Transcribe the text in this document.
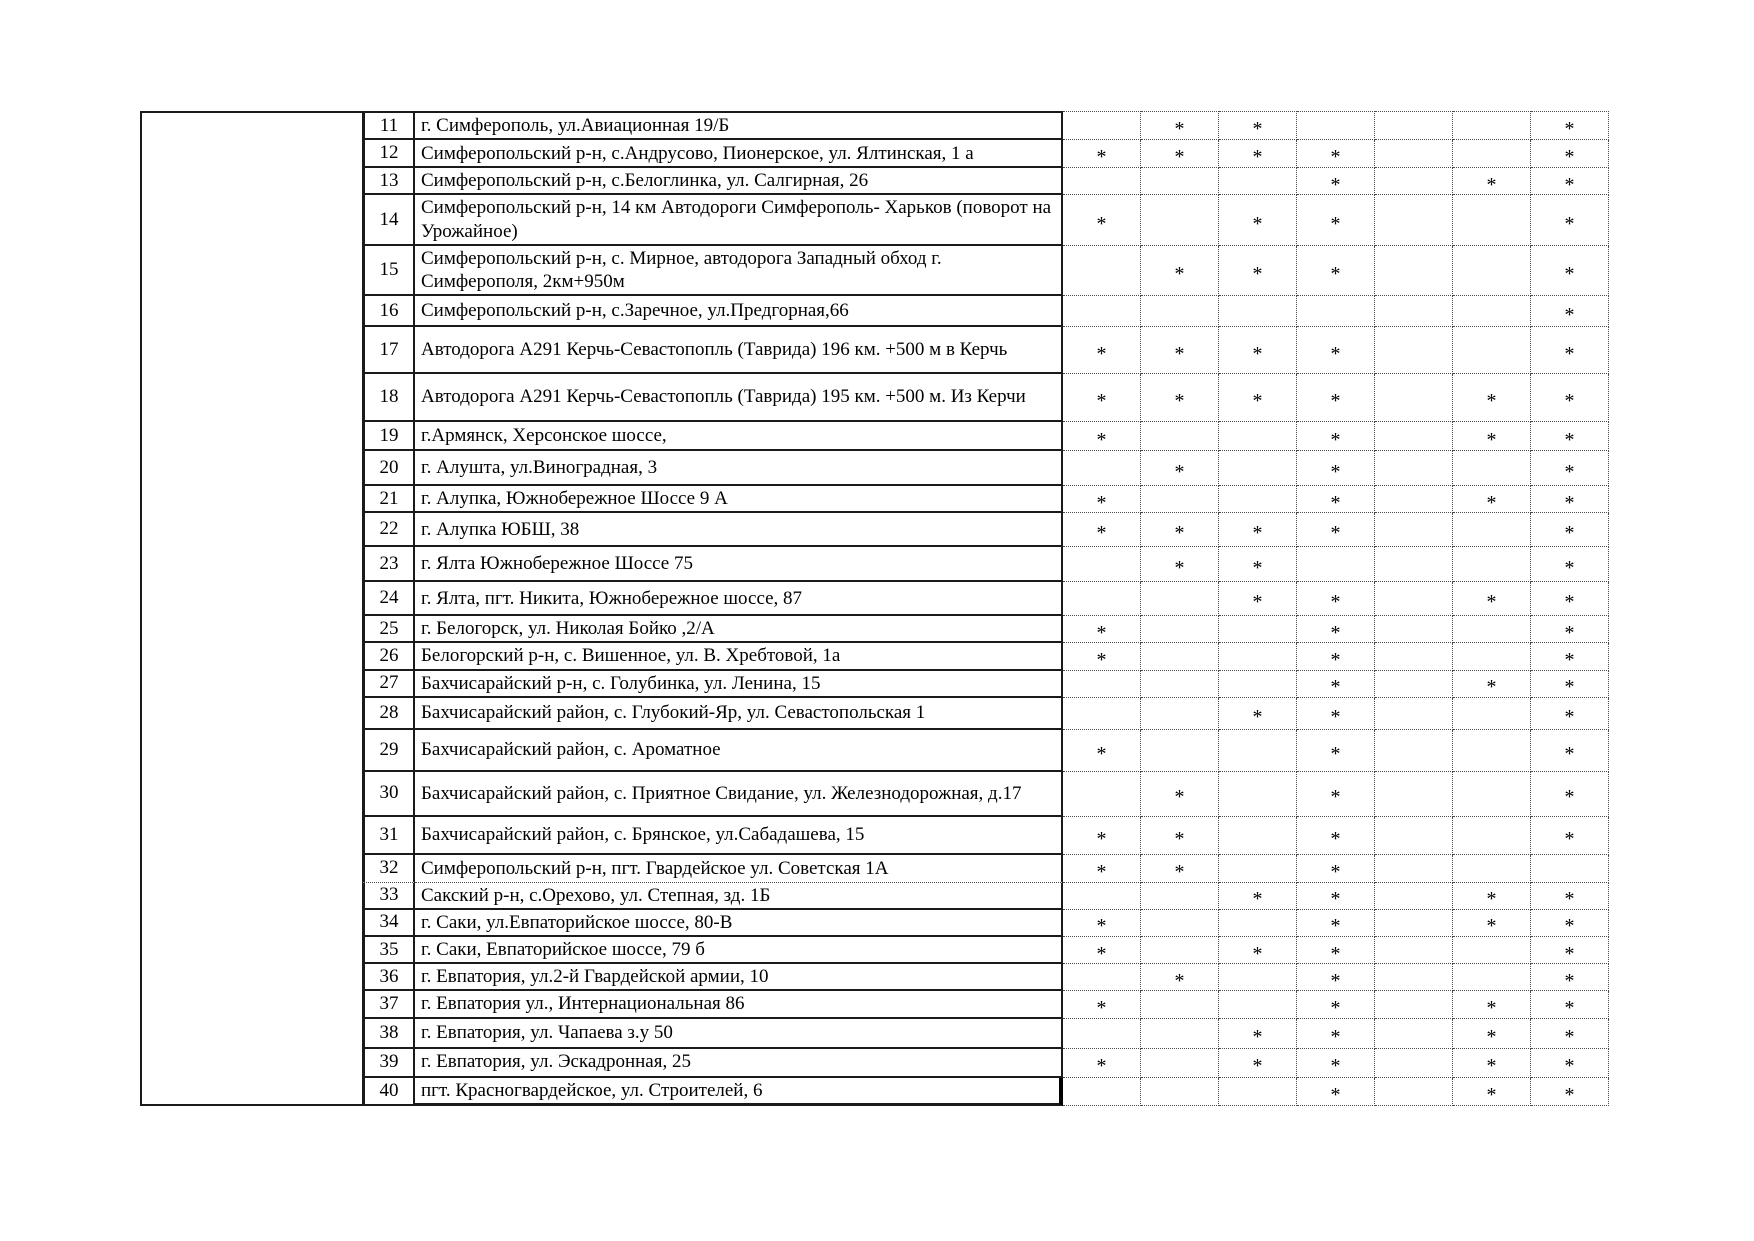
	11	г. Симферополь, ул.Авиационная 19/Б		*	*				*
	12	Симферопольский р-н, с.Андрусово, Пионерское, ул. Ялтинская, 1 а	*	*	*	*			*
	13	Симферопольский р-н, с.Белоглинка, ул. Салгирная, 26				*		*	*
	14	Симферопольский р-н, 14 км Автодороги Симферополь- Харьков (поворот на Урожайное)	*		*	*			*
	15	Симферопольский р-н, с. Мирное, автодорога Западный обход г. Симферополя, 2км+950м		*	*	*			*
	16	Симферопольский р-н, с.Заречное, ул.Предгорная,66							*
	17	Автодорога А291 Керчь-Севастопопль (Таврида) 196 км. +500 м в Керчь	*	*	*	*			*
	18	Автодорога А291 Керчь-Севастопопль (Таврида) 195 км. +500 м. Из Керчи	*	*	*	*		*	*
	19	г.Армянск, Херсонское шоссе,	*			*		*	*
	20	г. Алушта, ул.Виноградная, 3		*		*			*
	21	г. Алупка, Южнобережное Шоссе 9 А	*			*		*	*
	22	г. Алупка ЮБШ, 38	*	*	*	*			*
	23	г. Ялта Южнобережное Шоссе 75		*	*				*
	24	г. Ялта, пгт. Никита, Южнобережное шоссе, 87			*	*		*	*
	25	г. Белогорск, ул. Николая Бойко ,2/А	*			*			*
	26	Белогорский р-н, с. Вишенное, ул. В. Хребтовой, 1а	*			*			*
	27	Бахчисарайский р-н, с. Голубинка, ул. Ленина, 15				*		*	*
	28	Бахчисарайский район, с. Глубокий-Яр, ул. Севастопольская 1			*	*			*
	29	Бахчисарайский район, с. Ароматное	*			*			*
	30	Бахчисарайский район, с. Приятное Свидание, ул. Железнодорожная, д.17		*		*			*
	31	Бахчисарайский район, с. Брянское, ул.Сабадашева, 15	*	*		*			*
	32	Симферопольский р-н, пгт. Гвардейское ул. Советская 1А	*	*		*			
	33	Сакский р-н, с.Орехово, ул. Степная, зд. 1Б			*	*		*	*
	34	г. Саки, ул.Евпаторийское шоссе, 80-В	*			*		*	*
	35	г. Саки, Евпаторийское шоссе, 79 б	*		*	*			*
	36	г. Евпатория, ул.2-й Гвардейской армии, 10		*		*			*
	37	г. Евпатория ул., Интернациональная 86	*			*		*	*
	38	г. Евпатория, ул. Чапаева з.у 50			*	*		*	*
	39	г. Евпатория, ул. Эскадронная, 25	*		*	*		*	*
	40	пгт. Красногвардейское, ул. Строителей, 6				*		*	*
